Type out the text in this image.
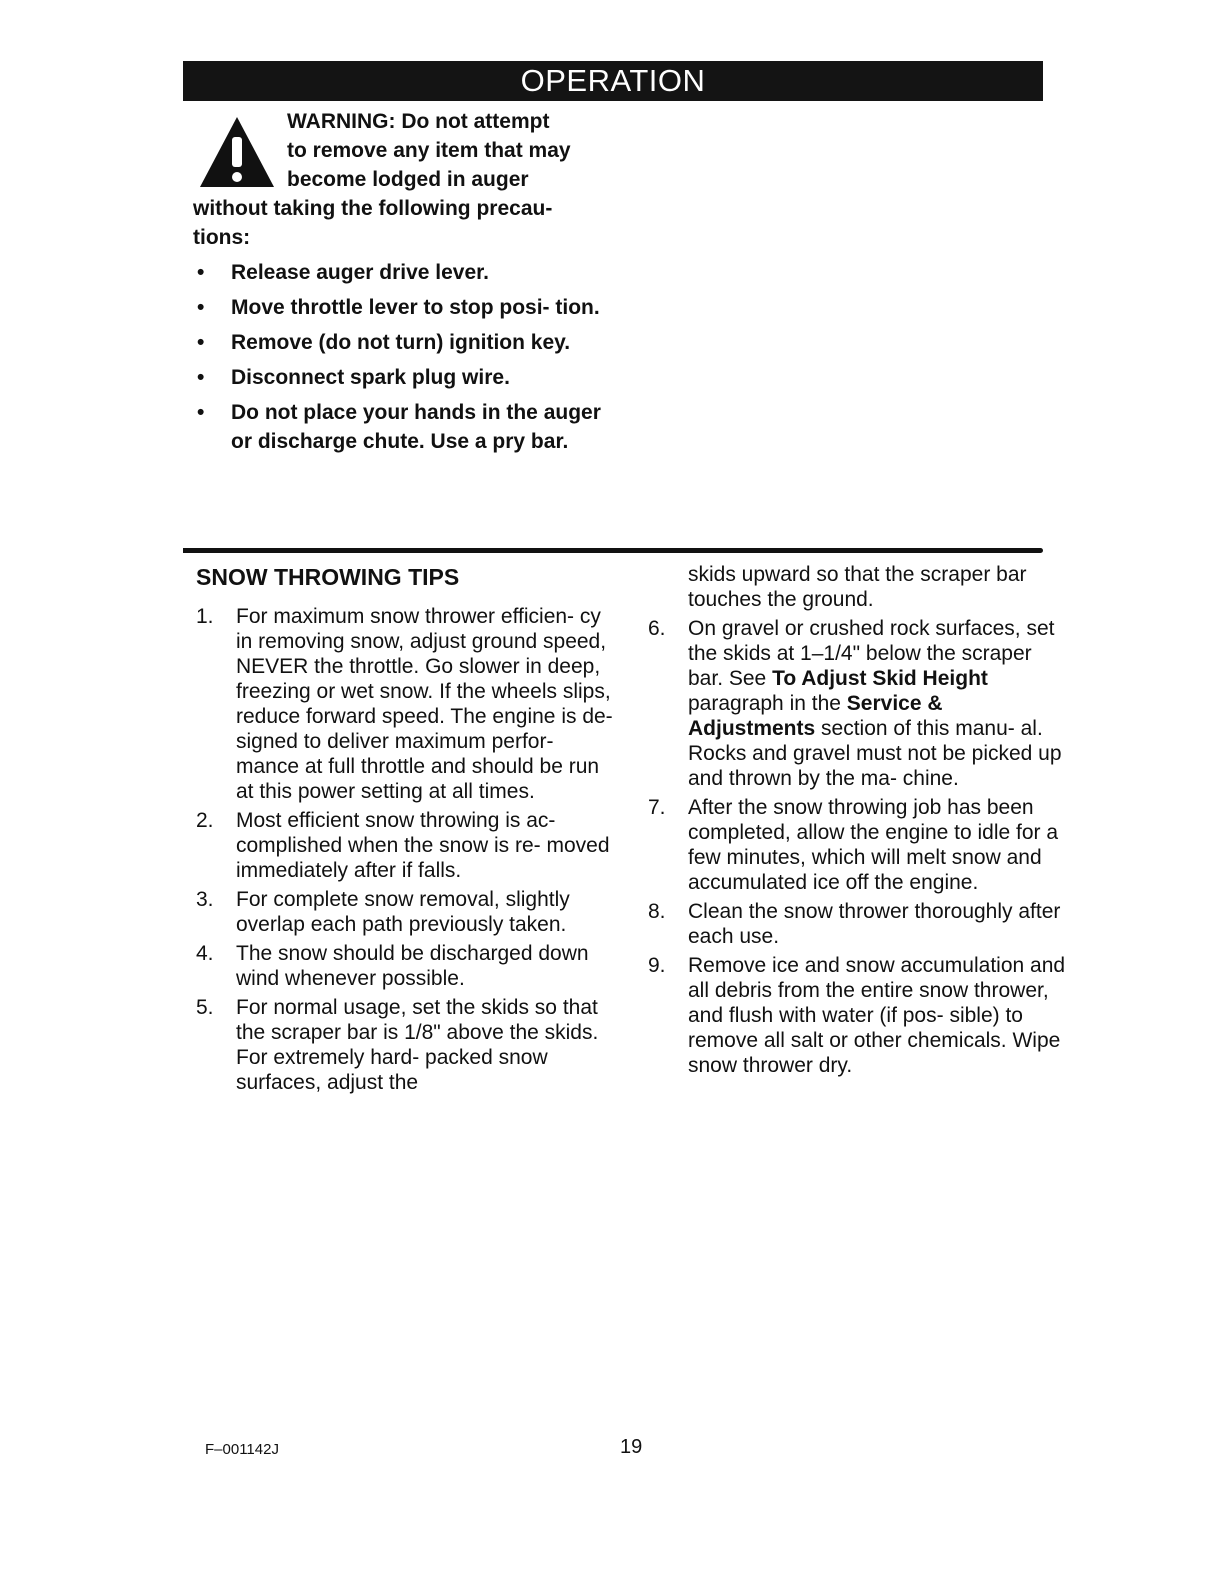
OPERATION
WARNING: Do not attempt
to remove any item that may
become lodged in auger

without taking the following precau- tions:

• Release auger drive lever.
• Move throttle lever to stop posi- tion.
• Remove (do not turn) ignition key.
• Disconnect spark plug wire.
• Do not place your hands in the auger or discharge chute. Use a pry bar.
SNOW THROWING TIPS
1. For maximum snow thrower efficien- cy in removing snow, adjust ground speed, NEVER the throttle. Go slower in deep, freezing or wet snow. If the wheels slips, reduce forward speed. The engine is de- signed to deliver maximum perfor- mance at full throttle and should be run at this power setting at all times.
2. Most efficient snow throwing is ac- complished when the snow is re- moved immediately after if falls.
3. For complete snow removal, slightly overlap each path previously taken.
4. The snow should be discharged down wind whenever possible.
5. For normal usage, set the skids so that the scraper bar is 1/8" above the skids. For extremely hard- packed snow surfaces, adjust the

skids upward so that the scraper bar touches the ground.

6. On gravel or crushed rock surfaces, set the skids at 1–1/4" below the scraper bar. See To Adjust Skid Height paragraph in the Service & Adjustments section of this manu- al. Rocks and gravel must not be picked up and thrown by the ma- chine.
7. After the snow throwing job has been completed, allow the engine to idle for a few minutes, which will melt snow and accumulated ice off the engine.
8. Clean the snow thrower thoroughly after each use.
9. Remove ice and snow accumulation and all debris from the entire snow thrower, and flush with water (if pos- sible) to remove all salt or other chemicals. Wipe snow thrower dry.
F–001142J	19
